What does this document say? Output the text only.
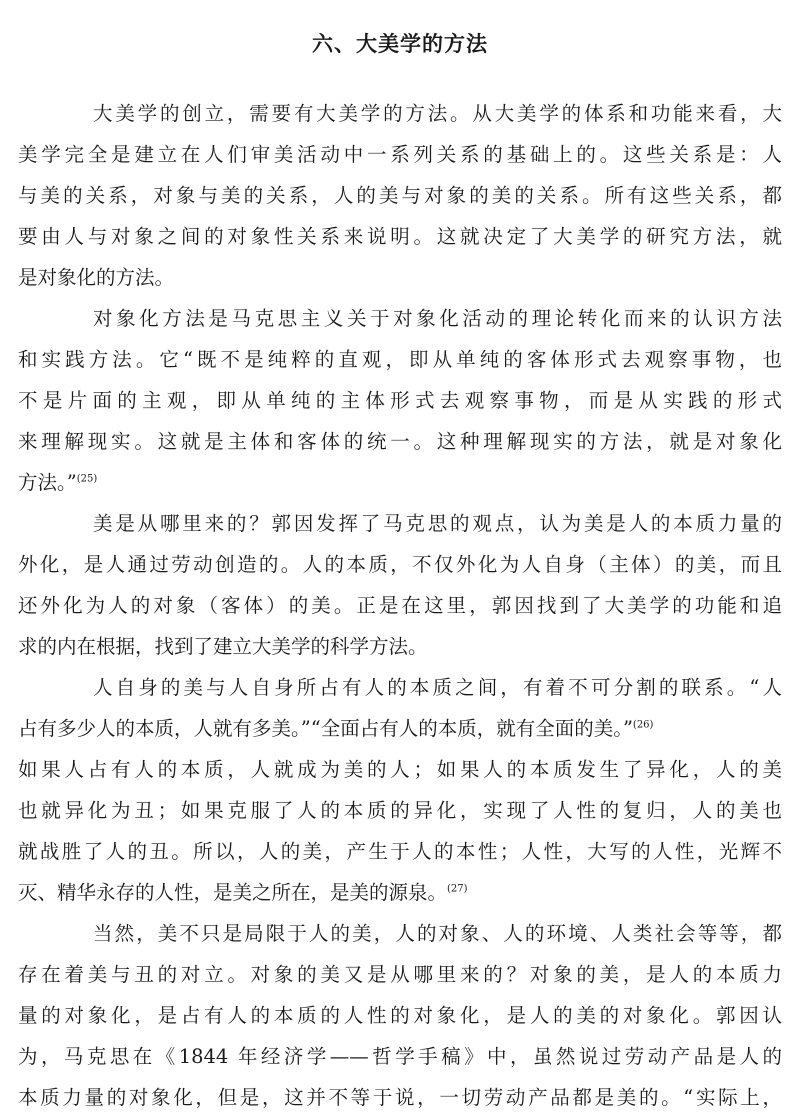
六、大美学的方法
大美学的创立，需要有大美学的方法。从大美学的体系和功能来看，大
美学完全是建立在人们审美活动中一系列关系的基础上的。这些关系是：人
与美的关系，对象与美的关系，人的美与对象的美的关系。所有这些关系，都
要由人与对象之间的对象性关系来说明。这就决定了大美学的研究方法，就
是对象化的方法。
对象化方法是马克思主义关于对象化活动的理论转化而来的认识方法
和实践方法。它“既不是纯粹的直观，即从单纯的客体形式去观察事物，也
不是片面的主观，即从单纯的主体形式去观察事物，而是从实践的形式
来理解现实。这就是主体和客体的统一。这种理解现实的方法，就是对象化
方法。”$^{(25)}$
美是从哪里来的？郭因发挥了马克思的观点，认为美是人的本质力量的
外化，是人通过劳动创造的。人的本质，不仅外化为人自身（主体）的美，而且
还外化为人的对象（客体）的美。正是在这里，郭因找到了大美学的功能和追
求的内在根据，找到了建立大美学的科学方法。
人自身的美与人自身所占有人的本质之间，有着不可分割的联系。“人
占有多少人的本质，人就有多美。”“全面占有人的本质，就有全面的美。”$^{(26)}$
如果人占有人的本质，人就成为美的人；如果人的本质发生了异化，人的美
也就异化为丑；如果克服了人的本质的异化，实现了人性的复归，人的美也
就战胜了人的丑。所以，人的美，产生于人的本性；人性，大写的人性，光辉不
灭、精华永存的人性，是美之所在，是美的源泉。$^{(27)}$
当然，美不只是局限于人的美，人的对象、人的环境、人类社会等等，都
存在着美与丑的对立。对象的美又是从哪里来的？对象的美，是人的本质力
量的对象化，是占有人的本质的人性的对象化，是人的美的对象化。郭因认
为，马克思在《1844 年经济学——哲学手稿》中，虽然说过劳动产品是人的
本质力量的对象化，但是，这并不等于说，一切劳动产品都是美的。“实际上，
